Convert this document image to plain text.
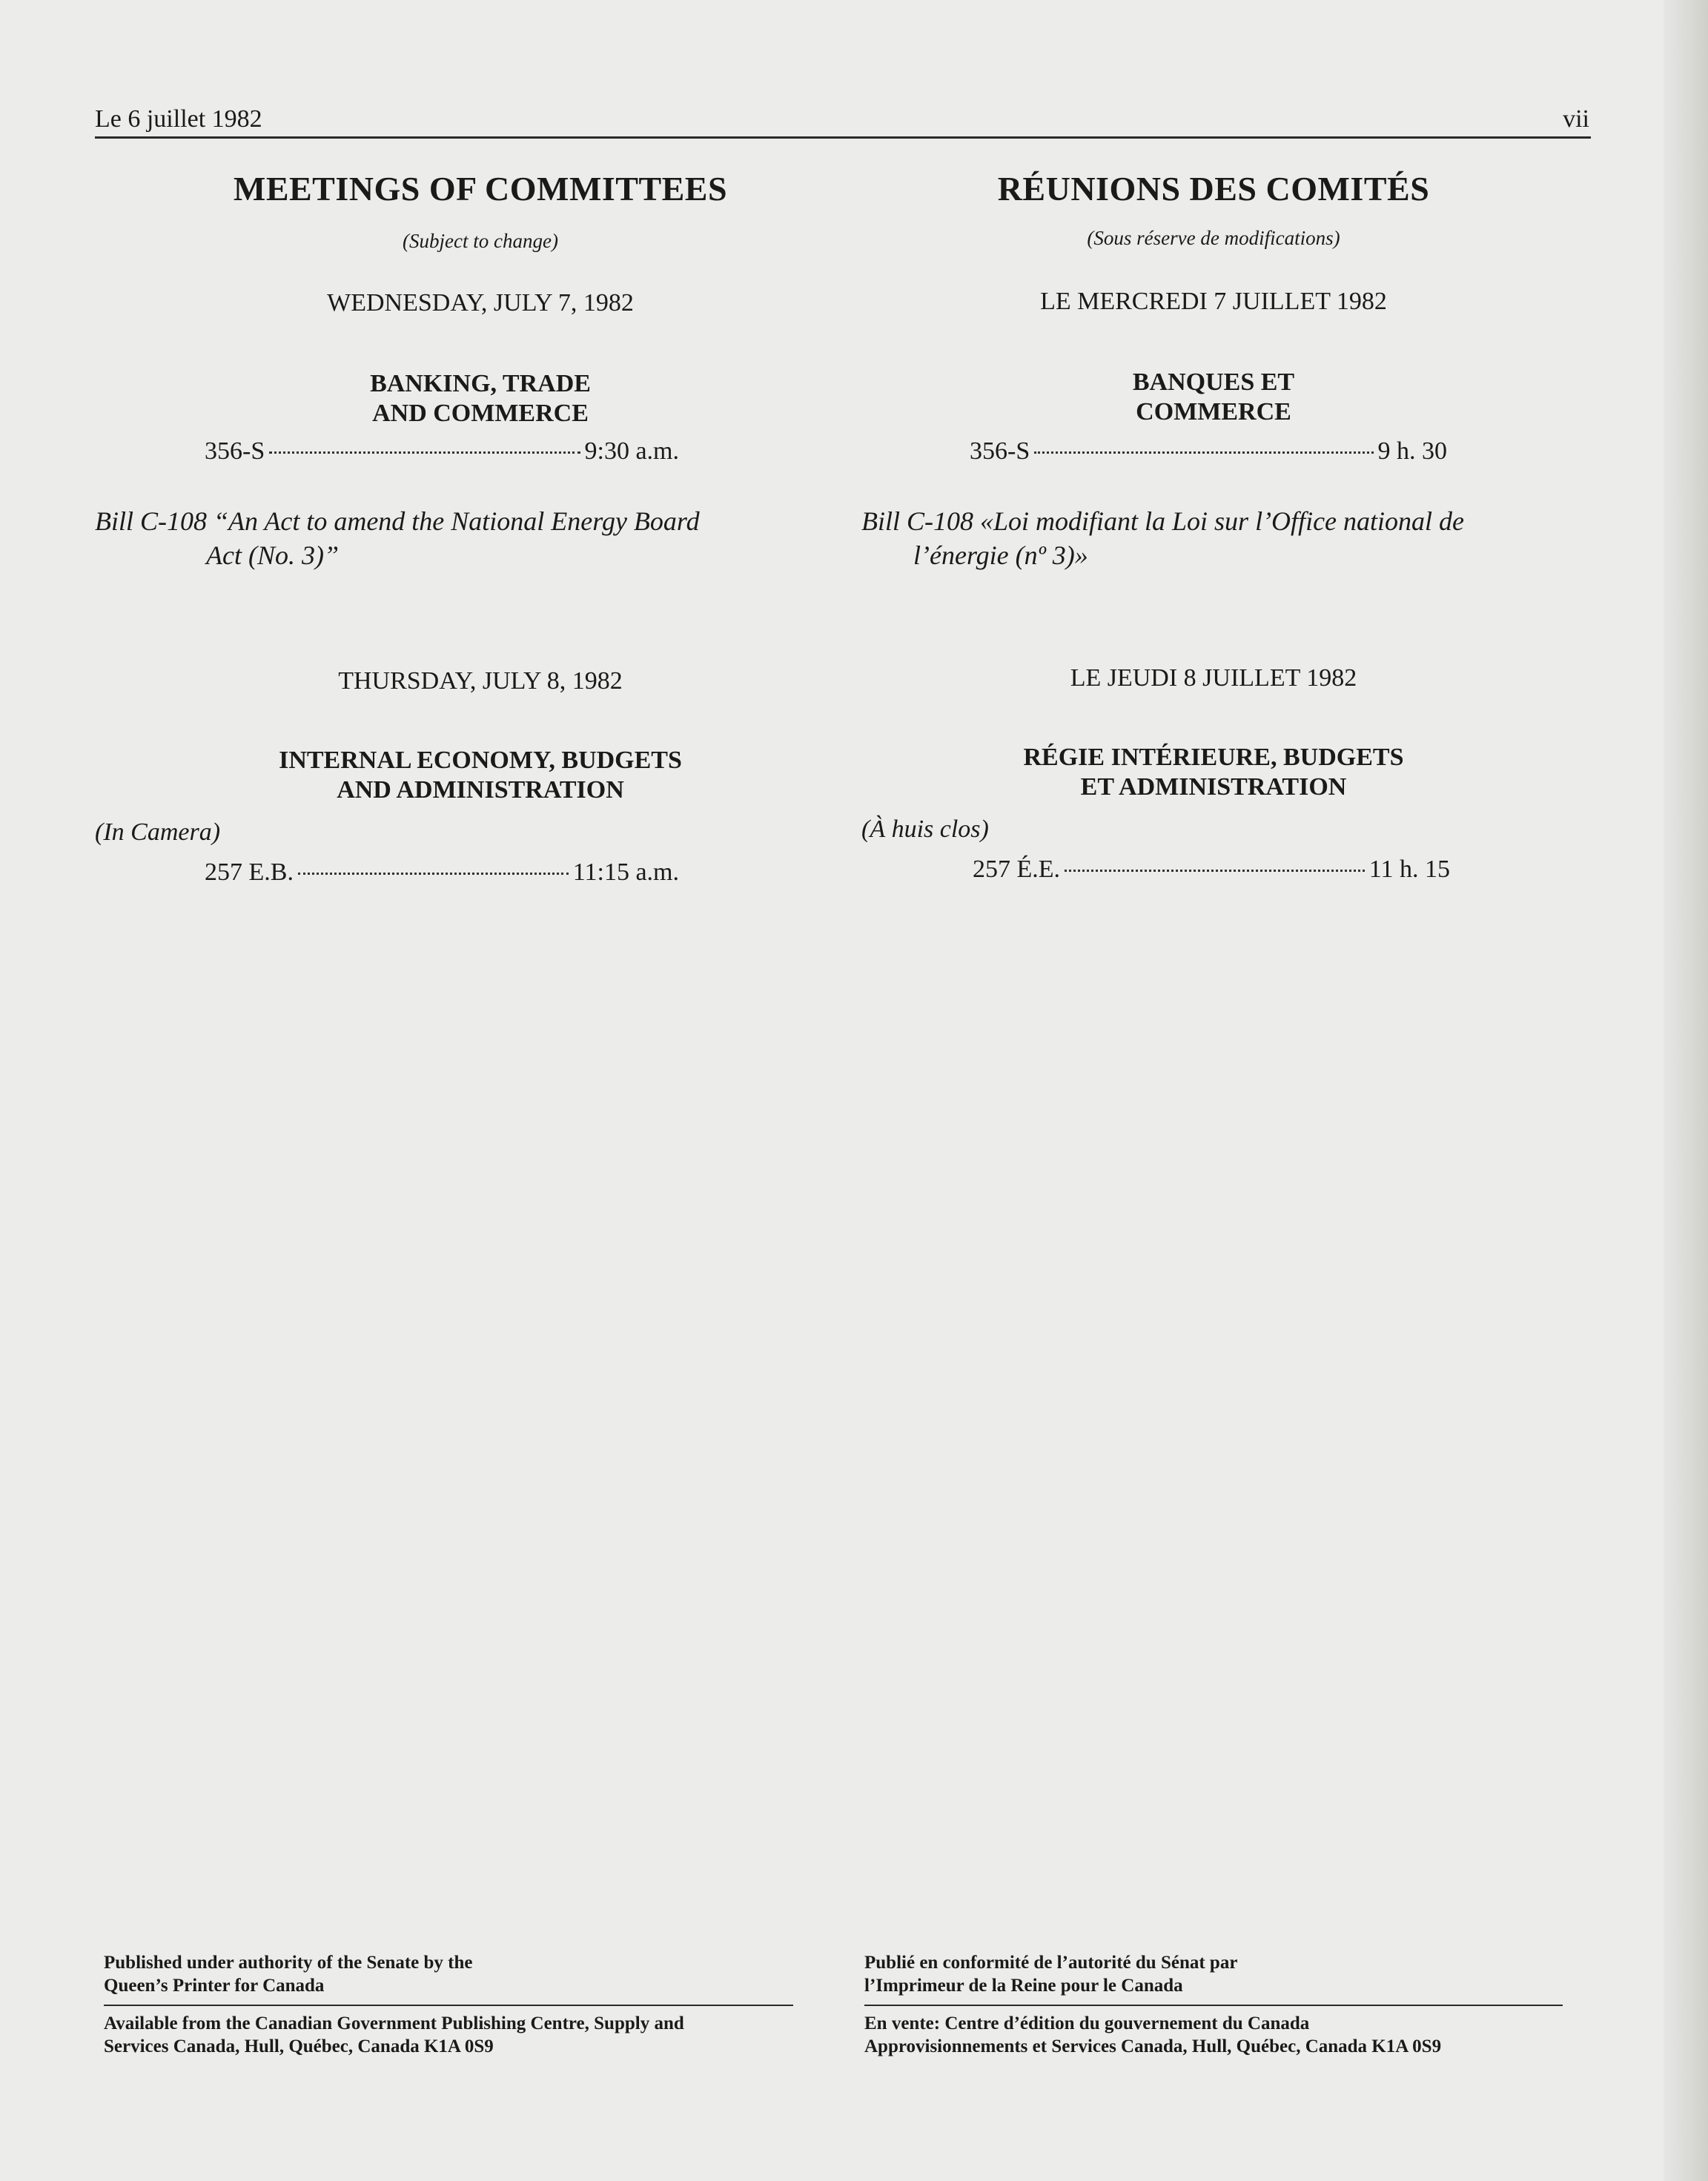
Le 6 juillet 1982	vii
MEETINGS OF COMMITTEES
(Subject to change)
WEDNESDAY, JULY 7, 1982
BANKING, TRADE
AND COMMERCE
356-S	9:30 a.m.
Bill C-108 “An Act to amend the National Energy Board
Act (No. 3)”
THURSDAY, JULY 8, 1982
INTERNAL ECONOMY, BUDGETS
AND ADMINISTRATION
(In Camera)
257 E.B.	11:15 a.m.
RÉUNIONS DES COMITÉS
(Sous réserve de modifications)
LE MERCREDI 7 JUILLET 1982
BANQUES ET
COMMERCE
356-S	9 h. 30
Bill C-108 «Loi modifiant la Loi sur l’Office national de
l’énergie (nº 3)»
LE JEUDI 8 JUILLET 1982
RÉGIE INTÉRIEURE, BUDGETS
ET ADMINISTRATION
(À huis clos)
257 É.E.	11 h. 15
Published under authority of the Senate by the
Queen’s Printer for Canada
Available from the Canadian Government Publishing Centre, Supply and
Services Canada, Hull, Québec, Canada K1A 0S9
Publié en conformité de l’autorité du Sénat par
l’Imprimeur de la Reine pour le Canada
En vente: Centre d’édition du gouvernement du Canada
Approvisionnements et Services Canada, Hull, Québec, Canada K1A 0S9
